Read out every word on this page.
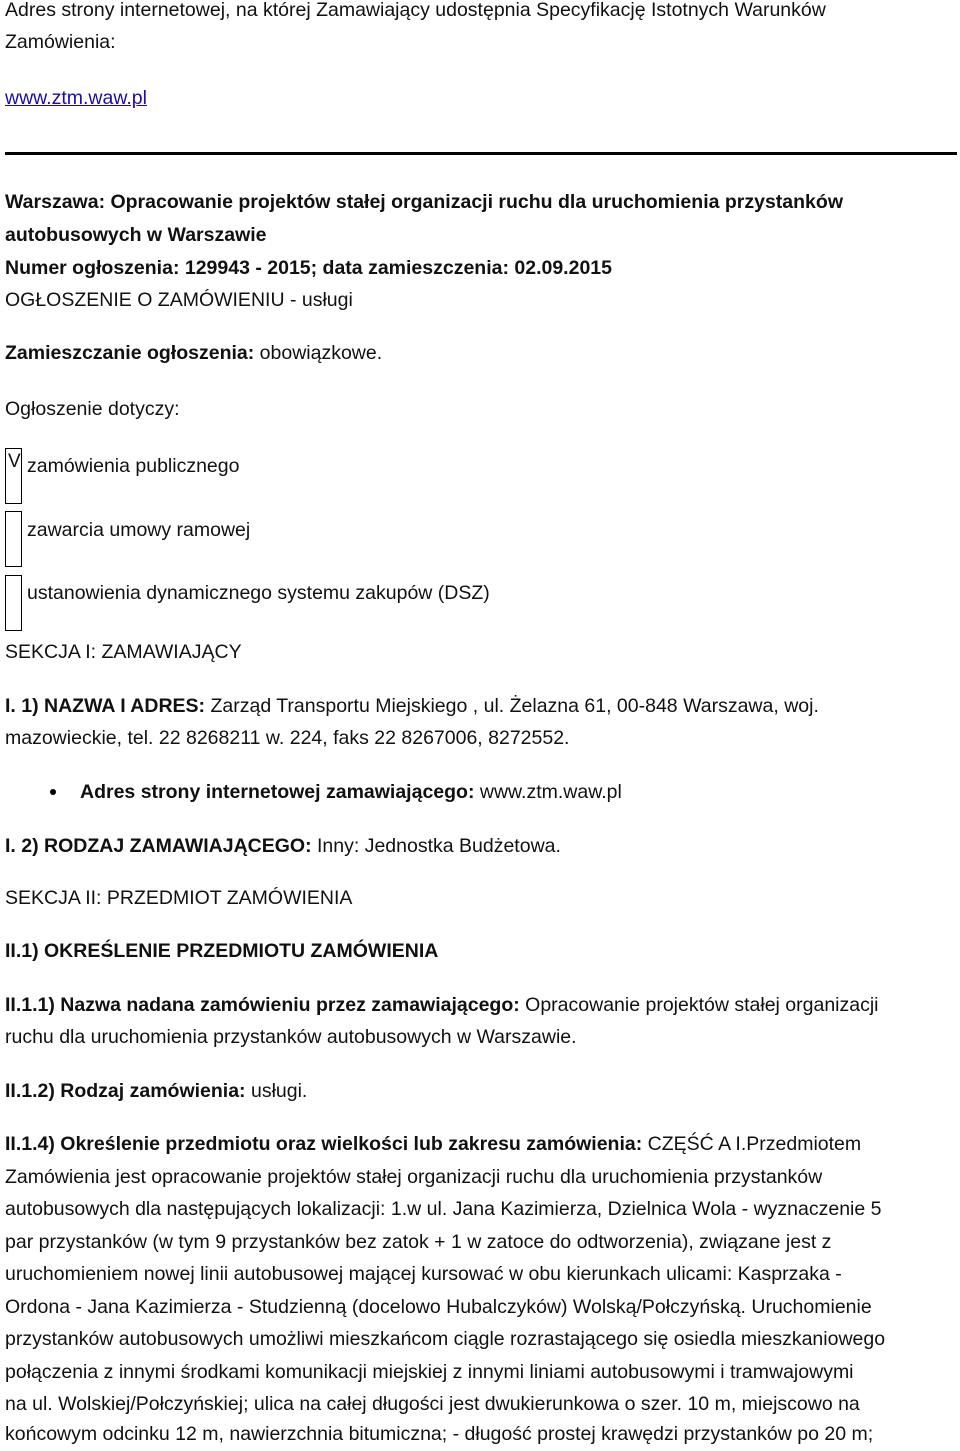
Adres strony internetowej, na której Zamawiający udostępnia Specyfikację Istotnych Warunków
Zamówienia:
www.ztm.waw.pl
Warszawa: Opracowanie projektów stałej organizacji ruchu dla uruchomienia przystanków
autobusowych w Warszawie
Numer ogłoszenia: 129943 - 2015; data zamieszczenia: 02.09.2015
OGŁOSZENIE O ZAMÓWIENIU - usługi
Zamieszczanie ogłoszenia: obowiązkowe.
Ogłoszenie dotyczy:
V zamówienia publicznego
zawarcia umowy ramowej
ustanowienia dynamicznego systemu zakupów (DSZ)
SEKCJA I: ZAMAWIAJĄCY
I. 1) NAZWA I ADRES: Zarząd Transportu Miejskiego , ul. Żelazna 61, 00-848 Warszawa, woj.
mazowieckie, tel. 22 8268211 w. 224, faks 22 8267006, 8272552.
Adres strony internetowej zamawiającego: www.ztm.waw.pl
I. 2) RODZAJ ZAMAWIAJĄCEGO: Inny: Jednostka Budżetowa.
SEKCJA II: PRZEDMIOT ZAMÓWIENIA
II.1) OKREŚLENIE PRZEDMIOTU ZAMÓWIENIA
II.1.1) Nazwa nadana zamówieniu przez zamawiającego: Opracowanie projektów stałej organizacji
ruchu dla uruchomienia przystanków autobusowych w Warszawie.
II.1.2) Rodzaj zamówienia: usługi.
II.1.4) Określenie przedmiotu oraz wielkości lub zakresu zamówienia: CZĘŚĆ A I.Przedmiotem
Zamówienia jest opracowanie projektów stałej organizacji ruchu dla uruchomienia przystanków
autobusowych dla następujących lokalizacji: 1.w ul. Jana Kazimierza, Dzielnica Wola - wyznaczenie 5
par przystanków (w tym 9 przystanków bez zatok + 1 w zatoce do odtworzenia), związane jest z
uruchomieniem nowej linii autobusowej mającej kursować w obu kierunkach ulicami: Kasprzaka -
Ordona - Jana Kazimierza - Studzienną (docelowo Hubalczyków) Wolską/Połczyńską. Uruchomienie
przystanków autobusowych umożliwi mieszkańcom ciągle rozrastającego się osiedla mieszkaniowego
połączenia z innymi środkami komunikacji miejskiej z innymi liniami autobusowymi i tramwajowymi
na ul. Wolskiej/Połczyńskiej; ulica na całej długości jest dwukierunkowa o szer. 10 m, miejscowo na
końcowym odcinku 12 m, nawierzchnia bitumiczna; - długość prostej krawędzi przystanków po 20 m;
